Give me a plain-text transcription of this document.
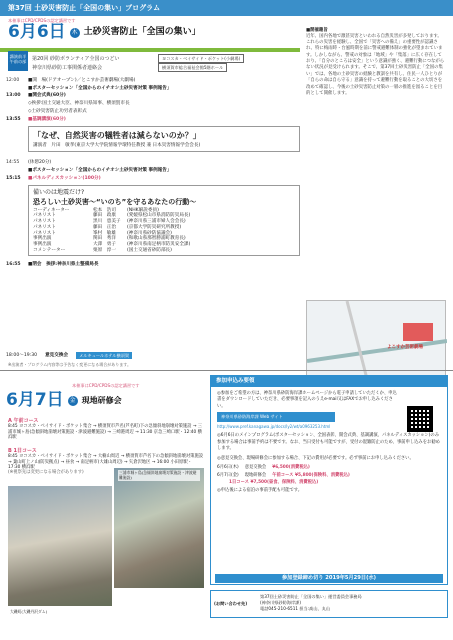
第37回 土砂災害防止「全国の集い」プログラム
本催事はCPD/CPDSの認定講習です
6月6日 木 土砂災害防止「全国の集い」
講演前半 午前の部
第20回 砂防ボランティア全国のつどい	ヨコスカ・ベイサイド・ポケット(小劇場)
神奈川県砂防工事関係者連絡会	横須賀市総合福祉会館5階ホール
12:00	■開　場(ドアオープン)／とこすか芸術劇場(大劇場)
■ポスターセッション「全国からのイチオシ土砂災害対策 事例報告」
13:00	■開会式典(60分)
◇挨拶:国土交通大臣、神奈川県知事、横須賀市長
◇土砂災害防止功労者表彰式
13:55	■基調講演(60分)
「なぜ、自然災害の犠牲者は減らないのか？」
講演者　片田　敏孝(東京大学大学院情報学環特任教授 兼 日本災害情報学会会長)
14:55	(休憩20分)
■ポスターセッション「全国からのイチオシ土砂災害対策 事例報告」
15:15	■パネルディスカッション(100分)
備いのは地震だけ?
恐ろしい土砂災害〜“いのち”を守るあなたの行動〜
コーディネーター	松本　浩司	(NHK解説委員)
パネリスト	藤田　政康	(愛媛県松山市県消防防災局長)
パネリスト	黒川　恵美子	(神奈川県三浦市婦人会会長)
パネリスト	藤田　正治	(京都大学防災研究所教授)
パネリスト	峯村　敏雄	(神奈川県砂防協議会)
事例出演	関田　秀洋	(和歌山県那智勝浦町教育長)
事例出演	大澤　勇子	(神奈川県南足柄市防災安全課)
コメンテーター	栗原　淳一	(国土交通省砂防部長)
16:55	■閉会　挨拶:神奈川県土整備局長
■開催趣旨
近年、国内各地で激甚災害といわれる自然災害が多発しております。これらの災害を経験し、全国で「災害への備え」の重要性が認識され、特に梅雨時・台風時期を前に警戒避難体制の強化が望まれています。しかしながら、警戒の対象は「地域」や「集落」に広く存在しており、「自分のところは安全」という意識が強く、避難行動につながらない状況が見受けられます。そこで、第37回土砂災害防止「全国の集い」では、各地の土砂災害の経験と教訓を共有し、住民一人ひとりが「自らの命は自ら守る」意識を持って避難行動を取ることの大切さを改めて確認し、今後の土砂災害防止対策の一層の推進を図ることを目的として開催します。
よこすか芸術劇場
18:00〜19:30 意見交換会	メルキュールホテル横須賀
※出演者・プログラム内容等は予告なく変更になる場合があります。
本催事はCPD/CPDSの認定講習です
6月7日 金 現地研修会
A 午前コース
8:45 ヨコスカ・ベイサイド・ポケット集合 → 横須賀市芦名(芦名町)下の急傾斜地崩壊対策施設 → 三浦市城ヶ島(急傾斜地崩壊対策施設・津波避難施設) → 三崎港周辺 → 11:30 京急三崎口駅・12:40 横浜駅
B 1日コース
8:45 ヨコスカ・ベイサイド・ポケット集合 → 大楠山周辺 → 横須賀市芦名下の急傾斜地崩壊対策施設 → 葉山町上ノ山(防災拠点) → 昼食 → 南足柄市(大雄山周辺) → 矢倉沢地区 → 16:00 小田原駅・17:30 横浜駅
(※視察先は変更になる場合があります)	三浦市城ヶ島(急傾斜地崩壊対策施設・津波避難施設)
大磯町(大磯丹沢ダム)
参加申込み要領
◎参加をご希望の方は、神奈川県砂防海岸課ホームページから電子申請していただくか、申込書をダウンロードしていただき、必要事項を記入のうえe-mail又はFAXでお申し込みください。
神奈川県砂防海岸課 Web サイト
http://www.pref.kanagawa.jp/docs/ly2/wt/a0963253.html
◎6月6日のメインプログラム(ポスターセッション、全国表彰、開会式典、基調講演、パネルディスカッション)のみ参加する場合は事前予約は不要です。なお、当日受付も可能ですが、受付の混雑防止のため、事前申し込みをお勧めします。
◎意見交換会、現場研修会に参加する場合、下記の費用が必要です。必ず事前にお申し込みください。
6月6日(木) 意見交換会 ¥6,500(消費税込)
6月7日(金) 現地研修会 午前コース ¥5,800(保険料、消費税込)
1日コース ¥7,500(昼食、保険料、消費税込)
◎申込後による宿泊の事前手配も可能です。
参加登録締め切り 2019年5月29日(水)
(お問い合わせ先)
第37回土砂災害防止「全国の集い」運営委員会事務局
(神奈川県砂防海岸課)
電話045-210-6511 担当:髙山、丸山
